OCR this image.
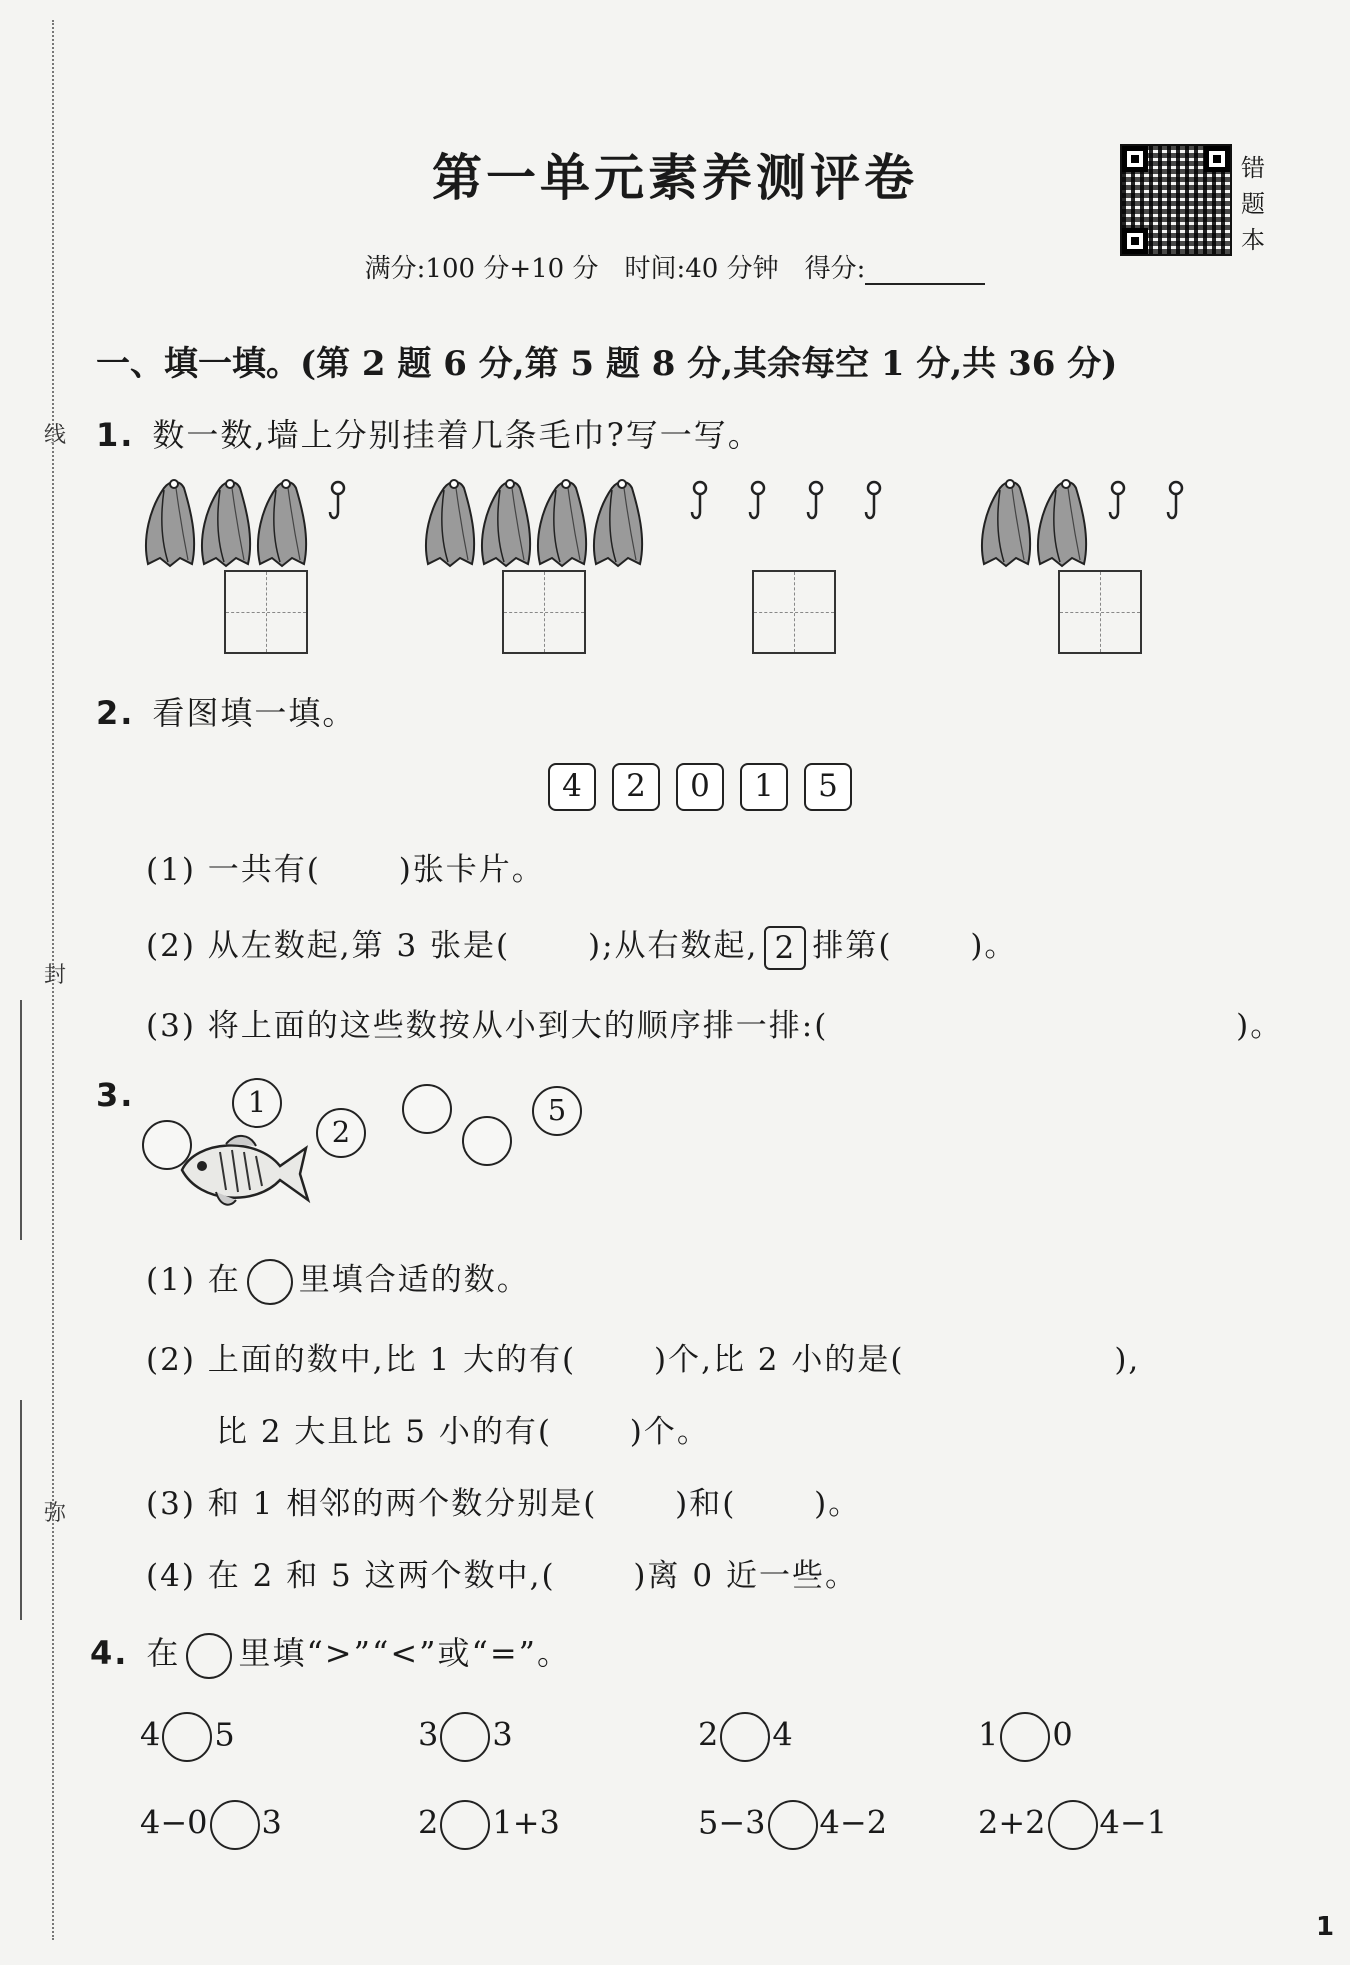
线
封
弥
第一单元素养测评卷	错
题
本
满分:100 分+10 分　时间:40 分钟　得分:
一、填一填。(第 2 题 6 分,第 5 题 8 分,其余每空 1 分,共 36 分)
1. 数一数,墙上分别挂着几条毛巾?写一写。
2. 看图填一填。
4	2	0	1	5
(1) 一共有(　　 )张卡片。
(2) 从左数起,第 3 张是(　　 );从右数起, 2 排第(　　 )。
(3) 将上面的这些数按从小到大的顺序排一排:(　　　　　　　　　　　　 )。
3.	1
2
5
(1) 在 里填合适的数。
(2) 上面的数中,比 1 大的有(　　 )个,比 2 小的是(　　　　　　 ),
比 2 大且比 5 小的有(　　 )个。
(3) 和 1 相邻的两个数分别是(　　 )和(　　 )。
(4) 在 2 和 5 这两个数中,(　　 )离 0 近一些。
4. 在 里填“>”“<”或“=”。
4 5	3 3	2 4	1 0
4−0 3	2 1+3	5−3 4−2	2+2 4−1
1
